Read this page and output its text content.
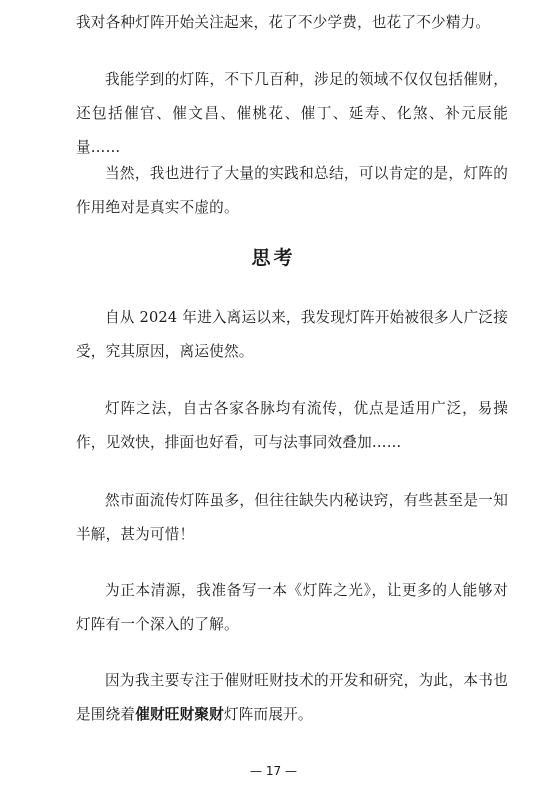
我对各种灯阵开始关注起来，花了不少学费，也花了不少精力。

我能学到的灯阵，不下几百种，涉足的领域不仅仅包括催财，还包括催官、催文昌、催桃花、催丁、延寿、化煞、补元辰能量……

当然，我也进行了大量的实践和总结，可以肯定的是，灯阵的作用绝对是真实不虚的。

思考

自从 2024 年进入离运以来，我发现灯阵开始被很多人广泛接受，究其原因，离运使然。

灯阵之法，自古各家各脉均有流传，优点是适用广泛，易操作，见效快，排面也好看，可与法事同效叠加……

然市面流传灯阵虽多，但往往缺失内秘诀窍，有些甚至是一知半解，甚为可惜！

为正本清源，我准备写一本《灯阵之光》，让更多的人能够对灯阵有一个深入的了解。

因为我主要专注于催财旺财技术的开发和研究，为此，本书也是围绕着催财旺财聚财灯阵而展开。

— 17 —
